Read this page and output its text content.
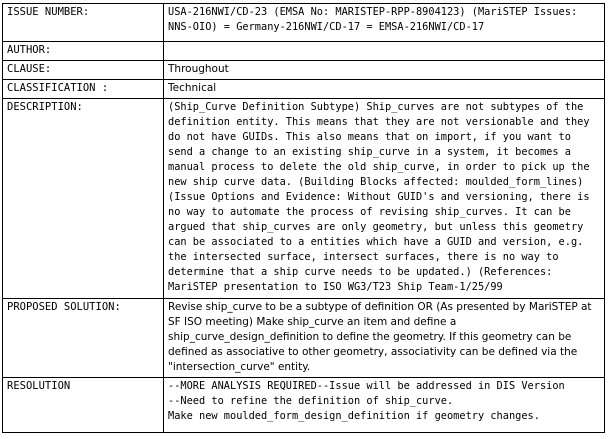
ISSUE NUMBER:	USA-216NWI/CD-23 (EMSA No: MARISTEP-RPP-8904123) (MariSTEP Issues: NNS-OIO) = Germany-216NWI/CD-17 = EMSA-216NWI/CD-17
AUTHOR:	
CLAUSE:	Throughout
CLASSIFICATION :	Technical
DESCRIPTION:	(Ship_Curve Definition Subtype) Ship_curves are not subtypes of the definition entity. This means that they are not versionable and they do not have GUIDs. This also means that on import, if you want to send a change to an existing ship_curve in a system, it becomes a manual process to delete the old ship_curve, in order to pick up the new ship curve data. (Building Blocks affected: moulded_form_lines) (Issue Options and Evidence: Without GUID's and versioning, there is no way to automate the process of revising ship_curves. It can be argued that ship_curves are only geometry, but unless this geometry can be associated to a entities which have a GUID and version, e.g. the intersected surface, intersect surfaces, there is no way to determine that a ship curve needs to be updated.) (References: MariSTEP presentation to ISO WG3/T23 Ship Team-1/25/99
PROPOSED SOLUTION:	Revise ship_curve to be a subtype of definition OR (As presented by MariSTEP at SF ISO meeting) Make ship_curve an item and define a ship_curve_design_definition to define the geometry. If this geometry can be defined as associative to other geometry, associativity can be defined via the "intersection_curve" entity.
RESOLUTION	--MORE ANALYSIS REQUIRED--Issue will be addressed in DIS Version
--Need to refine the definition of ship_curve.
Make new moulded_form_design_definition if geometry changes.
